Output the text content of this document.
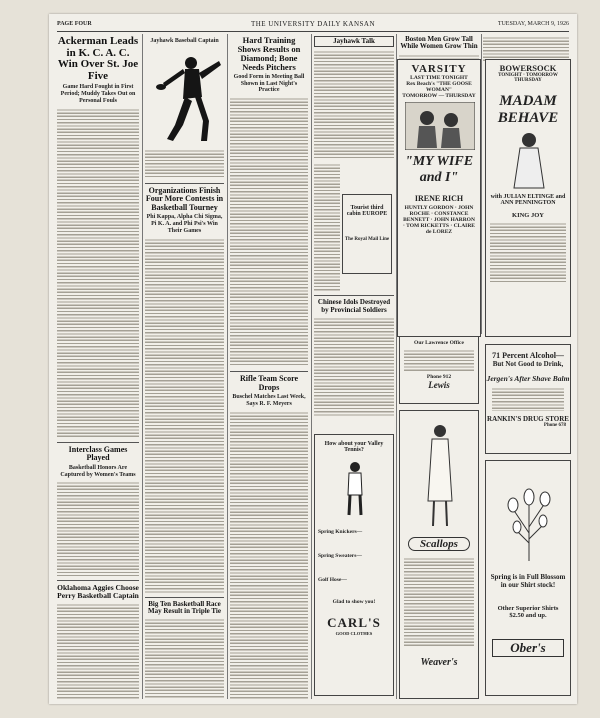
PAGE FOUR	THE UNIVERSITY DAILY KANSAN	TUESDAY, MARCH 9, 1926
Ackerman Leads in K. C. A. C. Win Over St. Joe Five
Game Hard Fought in First Period; Muddy Takes Out on Personal Fouls
Interclass Games Played
Basketball Honors Are Captured by Women's Teams
Oklahoma Aggies Choose Perry Basketball Captain
Jayhawk Baseball Captain
Organizations Finish Four More Contests in Basketball Tourney
Phi Kappa, Alpha Chi Sigma, Pi K. A. and Phi Psi's Win Their Games
Big Ten Basketball Race May Result in Triple Tie
Hard Training Shows Results on Diamond; Bone Needs Pitchers
Good Form in Meeting Ball Shown in Last Night's Practice
Rifle Team Score Drops
Buschel Matches Last Week, Says R. F. Meyers
Jayhawk Talk
Tourist third cabin EUROPE
The Royal Mail Line
Chinese Idols Destroyed by Provincial Soldiers
How about your Valley Tennis?
Spring Knickers—
Spring Sweaters—
Golf Hose—
Glad to show you!
CARL'S
GOOD CLOTHES
Boston Men Grow Tall While Women Grow Thin
Our Lawrence Office
Phone 912
Lewis
Scallops
Weaver's
VARSITY
LAST TIME TONIGHT
Rex Beach's "THE GOOSE WOMAN"
TOMORROW — THURSDAY
"MY WIFE and I"
IRENE RICH
HUNTLY GORDON · JOHN ROCHE · CONSTANCE BENNETT · JOHN HARRON · TOM RICKETTS · CLAIRE de LOREZ
BOWERSOCK
TONIGHT · TOMORROW THURSDAY
MADAM BEHAVE
with JULIAN ELTINGE and ANN PENNINGTON
KING JOY
71 Percent Alcohol—
But Not Good to Drink,
Jergen's After Shave Balm
RANKIN'S DRUG STORE
Phone 678
Spring is in Full Blossom in our Shirt stock!
Other Superior Shirts $2.50 and up.
Ober's
